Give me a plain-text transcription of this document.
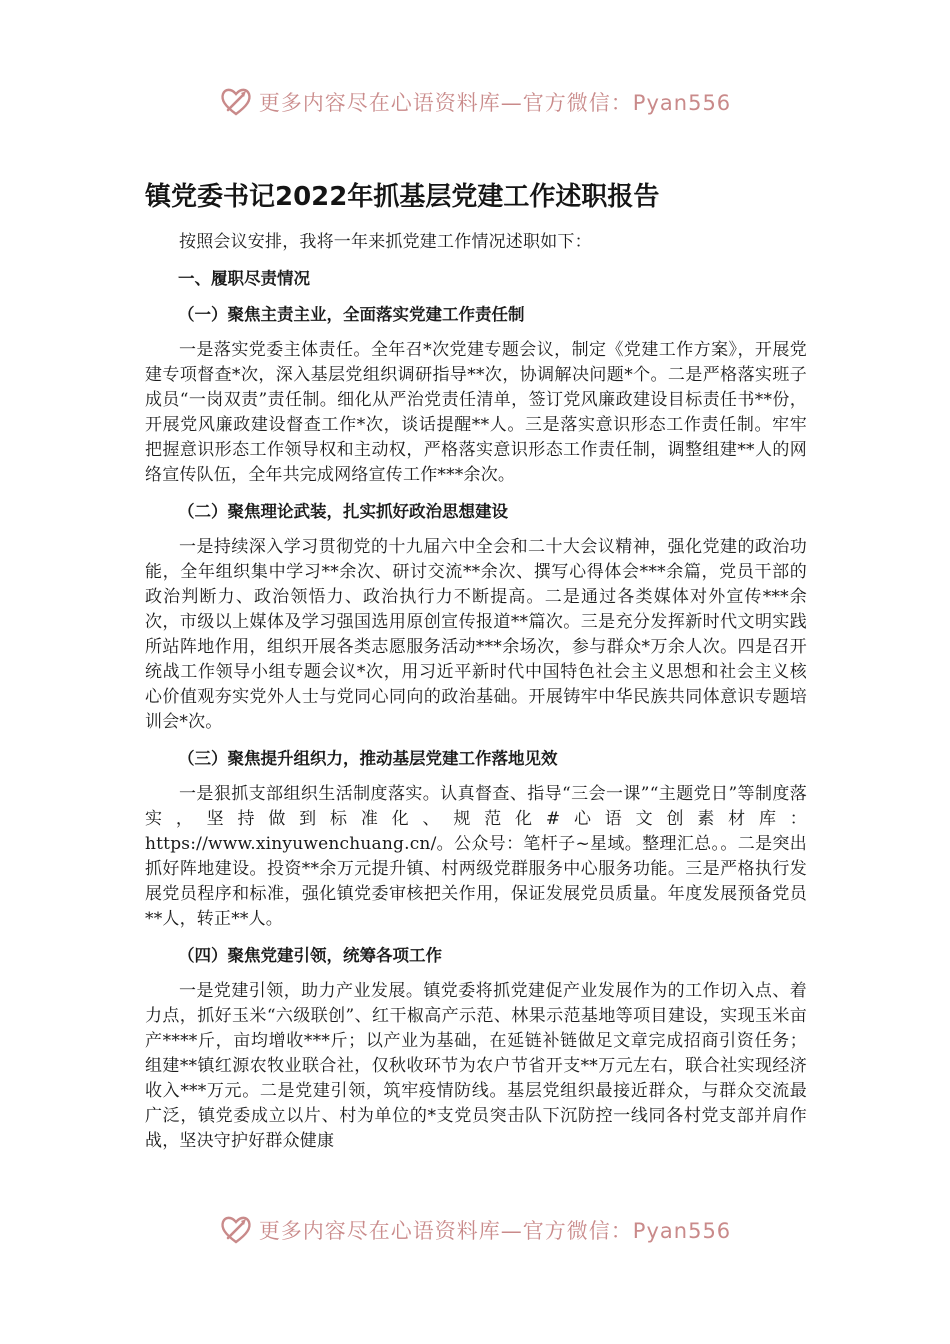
更多内容尽在心语资料库—官方微信：Pyan556
镇党委书记2022年抓基层党建工作述职报告

按照会议安排，我将一年来抓党建工作情况述职如下：

一、履职尽责情况

（一）聚焦主责主业，全面落实党建工作责任制

一是落实党委主体责任。全年召*次党建专题会议，制定《党建工作方案》，开展党建专项督查*次，深入基层党组织调研指导**次，协调解决问题*个。二是严格落实班子成员“一岗双责”责任制。细化从严治党责任清单，签订党风廉政建设目标责任书**份，开展党风廉政建设督查工作*次，谈话提醒**人。三是落实意识形态工作责任制。牢牢把握意识形态工作领导权和主动权，严格落实意识形态工作责任制，调整组建**人的网络宣传队伍，全年共完成网络宣传工作***余次。

（二）聚焦理论武装，扎实抓好政治思想建设

一是持续深入学习贯彻党的十九届六中全会和二十大会议精神，强化党建的政治功能，全年组织集中学习**余次、研讨交流**余次、撰写心得体会***余篇，党员干部的政治判断力、政治领悟力、政治执行力不断提高。二是通过各类媒体对外宣传***余次，市级以上媒体及学习强国选用原创宣传报道**篇次。三是充分发挥新时代文明实践所站阵地作用，组织开展各类志愿服务活动***余场次，参与群众*万余人次。四是召开统战工作领导小组专题会议*次，用习近平新时代中国特色社会主义思想和社会主义核心价值观夯实党外人士与党同心同向的政治基础。开展铸牢中华民族共同体意识专题培训会*次。

（三）聚焦提升组织力，推动基层党建工作落地见效

一是狠抓支部组织生活制度落实。认真督查、指导“三会一课”“主题党日”等制度落实，坚持做到标准化、规范化#心语文创素材库：https://www.xinyuwenchuang.cn/。公众号：笔杆子~星域。整理汇总。。二是突出抓好阵地建设。投资**余万元提升镇、村两级党群服务中心服务功能。三是严格执行发展党员程序和标准，强化镇党委审核把关作用，保证发展党员质量。年度发展预备党员**人，转正**人。

（四）聚焦党建引领，统筹各项工作

一是党建引领，助力产业发展。镇党委将抓党建促产业发展作为的工作切入点、着力点，抓好玉米“六级联创”、红干椒高产示范、林果示范基地等项目建设，实现玉米亩产****斤，亩均增收***斤；以产业为基础，在延链补链做足文章完成招商引资任务；组建**镇红源农牧业联合社，仅秋收环节为农户节省开支**万元左右，联合社实现经济收入***万元。二是党建引领，筑牢疫情防线。基层党组织最接近群众，与群众交流最广泛，镇党委成立以片、村为单位的*支党员突击队下沉防控一线同各村党支部并肩作战，坚决守护好群众健康

更多内容尽在心语资料库—官方微信：Pyan556
